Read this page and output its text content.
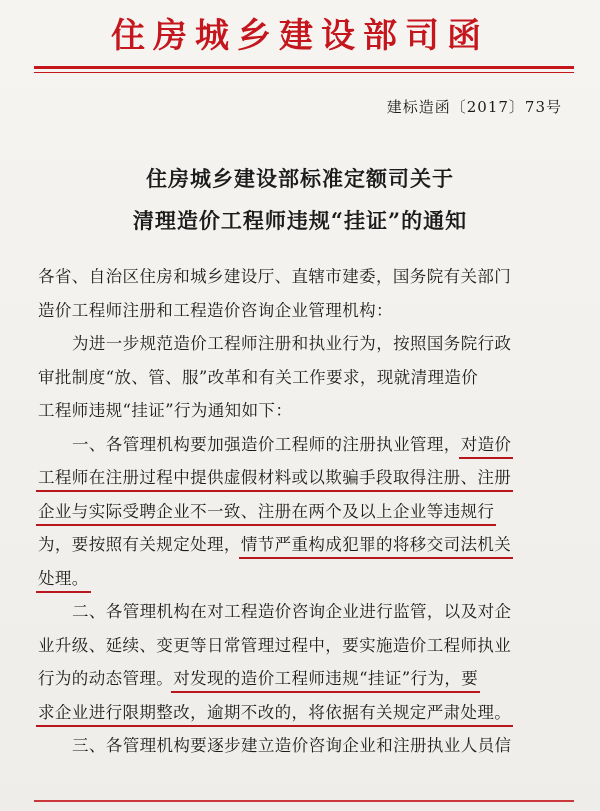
住房城乡建设部司函
建标造函〔2017〕73号
住房城乡建设部标准定额司关于
清理造价工程师违规“挂证”的通知
各省、自治区住房和城乡建设厅、直辖市建委，国务院有关部门
造价工程师注册和工程造价咨询企业管理机构：
为进一步规范造价工程师注册和执业行为，按照国务院行政
审批制度“放、管、服”改革和有关工作要求，现就清理造价
工程师违规“挂证”行为通知如下：
一、各管理机构要加强造价工程师的注册执业管理，对造价
工程师在注册过程中提供虚假材料或以欺骗手段取得注册、注册
企业与实际受聘企业不一致、注册在两个及以上企业等违规行
为，要按照有关规定处理，情节严重构成犯罪的将移交司法机关
处理。
二、各管理机构在对工程造价咨询企业进行监管，以及对企
业升级、延续、变更等日常管理过程中，要实施造价工程师执业
行为的动态管理。对发现的造价工程师违规“挂证”行为，要
求企业进行限期整改，逾期不改的，将依据有关规定严肃处理。
三、各管理机构要逐步建立造价咨询企业和注册执业人员信
